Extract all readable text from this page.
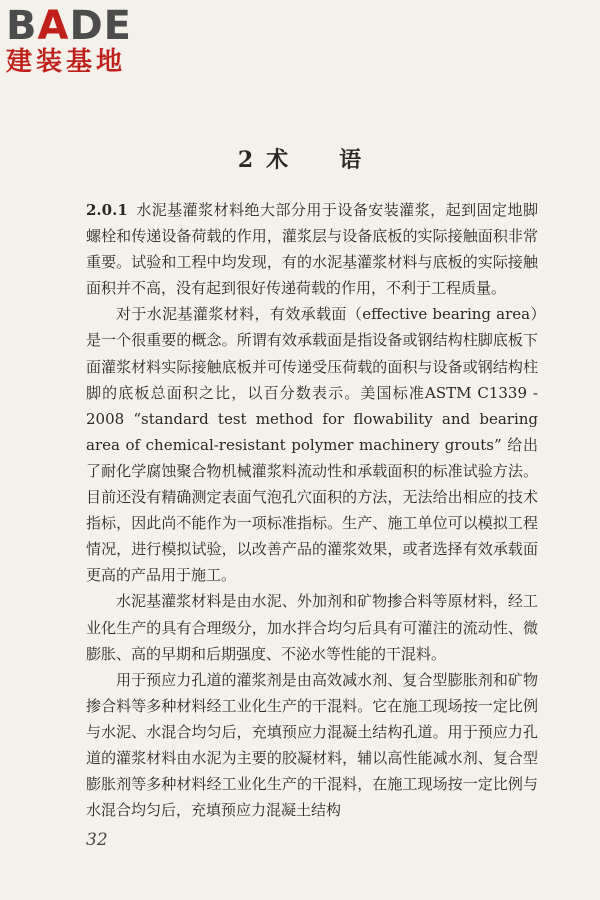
BADE
建装基地
2 术 语

2.0.1 水泥基灌浆材料绝大部分用于设备安装灌浆，起到固定地脚螺栓和传递设备荷载的作用，灌浆层与设备底板的实际接触面积非常重要。试验和工程中均发现，有的水泥基灌浆材料与底板的实际接触面积并不高，没有起到很好传递荷载的作用，不利于工程质量。

对于水泥基灌浆材料，有效承载面（effective bearing area）是一个很重要的概念。所谓有效承载面是指设备或钢结构柱脚底板下面灌浆材料实际接触底板并可传递受压荷载的面积与设备或钢结构柱脚的底板总面积之比，以百分数表示。美国标准ASTM C1339 - 2008 “standard test method for flowability and bearing area of chemical-resistant polymer machinery grouts” 给出了耐化学腐蚀聚合物机械灌浆料流动性和承载面积的标准试验方法。目前还没有精确测定表面气泡孔穴面积的方法，无法给出相应的技术指标，因此尚不能作为一项标准指标。生产、施工单位可以模拟工程情况，进行模拟试验，以改善产品的灌浆效果，或者选择有效承载面更高的产品用于施工。

水泥基灌浆材料是由水泥、外加剂和矿物掺合料等原材料，经工业化生产的具有合理级分，加水拌合均匀后具有可灌注的流动性、微膨胀、高的早期和后期强度、不泌水等性能的干混料。

用于预应力孔道的灌浆剂是由高效减水剂、复合型膨胀剂和矿物掺合料等多种材料经工业化生产的干混料。它在施工现场按一定比例与水泥、水混合均匀后，充填预应力混凝土结构孔道。用于预应力孔道的灌浆材料由水泥为主要的胶凝材料，辅以高性能减水剂、复合型膨胀剂等多种材料经工业化生产的干混料，在施工现场按一定比例与水混合均匀后，充填预应力混凝土结构

32
